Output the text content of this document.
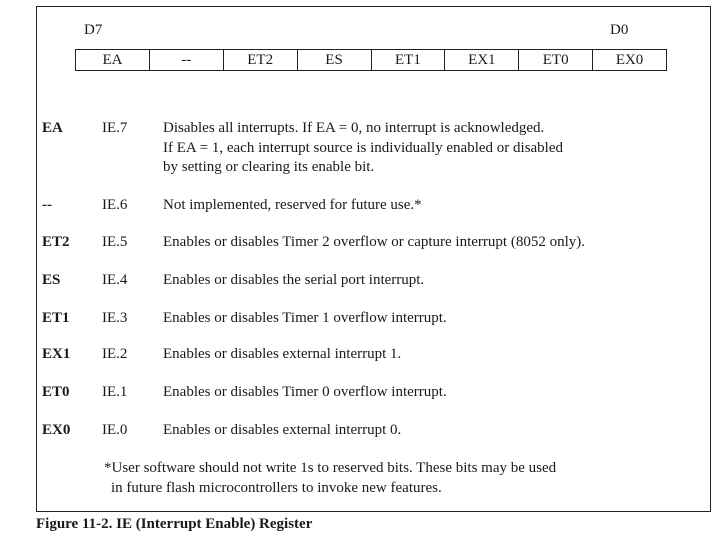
D7	D0
EA	--	ET2	ES	ET1	EX1	ET0	EX0
EA	IE.7	Disables all interrupts. If EA = 0, no interrupt is acknowledged.
If EA = 1, each interrupt source is individually enabled or disabled
by setting or clearing its enable bit.
--	IE.6	Not implemented, reserved for future use.*
ET2	IE.5	Enables or disables Timer 2 overflow or capture interrupt (8052 only).
ES	IE.4	Enables or disables the serial port interrupt.
ET1	IE.3	Enables or disables Timer 1 overflow interrupt.
EX1	IE.2	Enables or disables external interrupt 1.
ET0	IE.1	Enables or disables Timer 0 overflow interrupt.
EX0	IE.0	Enables or disables external interrupt 0.
*User software should not write 1s to reserved bits. These bits may be used
in future flash microcontrollers to invoke new features.
Figure 11-2. IE (Interrupt Enable) Register
